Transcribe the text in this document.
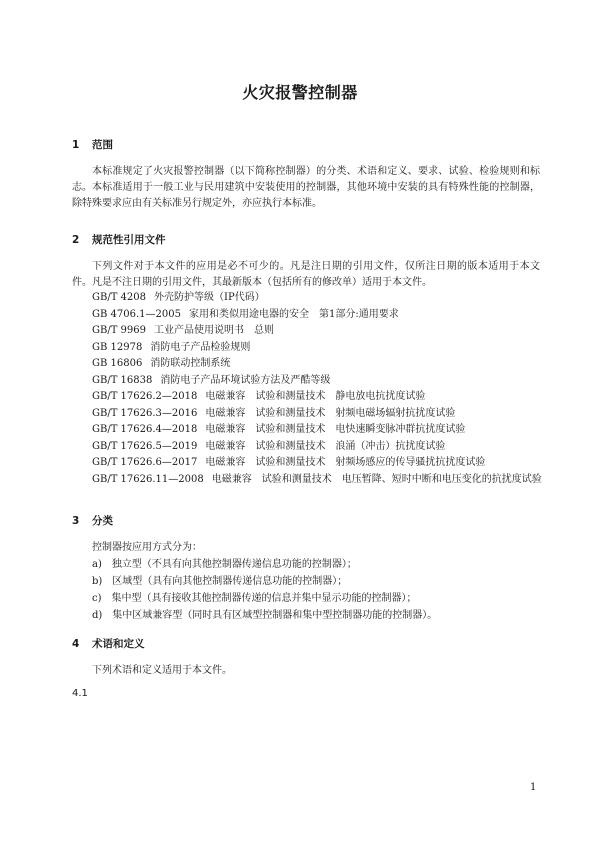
火灾报警控制器
1 范围
本标准规定了火灾报警控制器（以下简称控制器）的分类、术语和定义、要求、试验、检验规则和标志。 本标准适用于一般工业与民用建筑中安装使用的控制器，其他环境中安装的具有特殊性能的控制器，除特殊要求应由有关标准另行规定外，亦应执行本标准。
2 规范性引用文件
下列文件对于本文件的应用是必不可少的。凡是注日期的引用文件，仅所注日期的版本适用于本文件。凡是不注日期的引用文件，其最新版本（包括所有的修改单）适用于本文件。
GB/T 4208 外壳防护等级（IP代码）
GB 4706.1—2005 家用和类似用途电器的安全　第1部分:通用要求
GB/T 9969 工业产品使用说明书　总则
GB 12978 消防电子产品检验规则
GB 16806 消防联动控制系统
GB/T 16838 消防电子产品环境试验方法及严酷等级
GB/T 17626.2—2018 电磁兼容　试验和测量技术　静电放电抗扰度试验
GB/T 17626.3—2016 电磁兼容　试验和测量技术　射频电磁场辐射抗扰度试验
GB/T 17626.4—2018 电磁兼容　试验和测量技术　电快速瞬变脉冲群抗扰度试验
GB/T 17626.5—2019 电磁兼容　试验和测量技术　浪涌（冲击）抗扰度试验
GB/T 17626.6—2017 电磁兼容　试验和测量技术　射频场感应的传导骚扰抗扰度试验
GB/T 17626.11—2008 电磁兼容　试验和测量技术　电压暂降、短时中断和电压变化的抗扰度试验
3 分类
控制器按应用方式分为：
a)　独立型（不具有向其他控制器传递信息功能的控制器）；
b)　区域型（具有向其他控制器传递信息功能的控制器）；
c)　集中型（具有接收其他控制器传递的信息并集中显示功能的控制器）；
d)　集中区域兼容型（同时具有区域型控制器和集中型控制器功能的控制器）。
4 术语和定义
下列术语和定义适用于本文件。
4.1
1
